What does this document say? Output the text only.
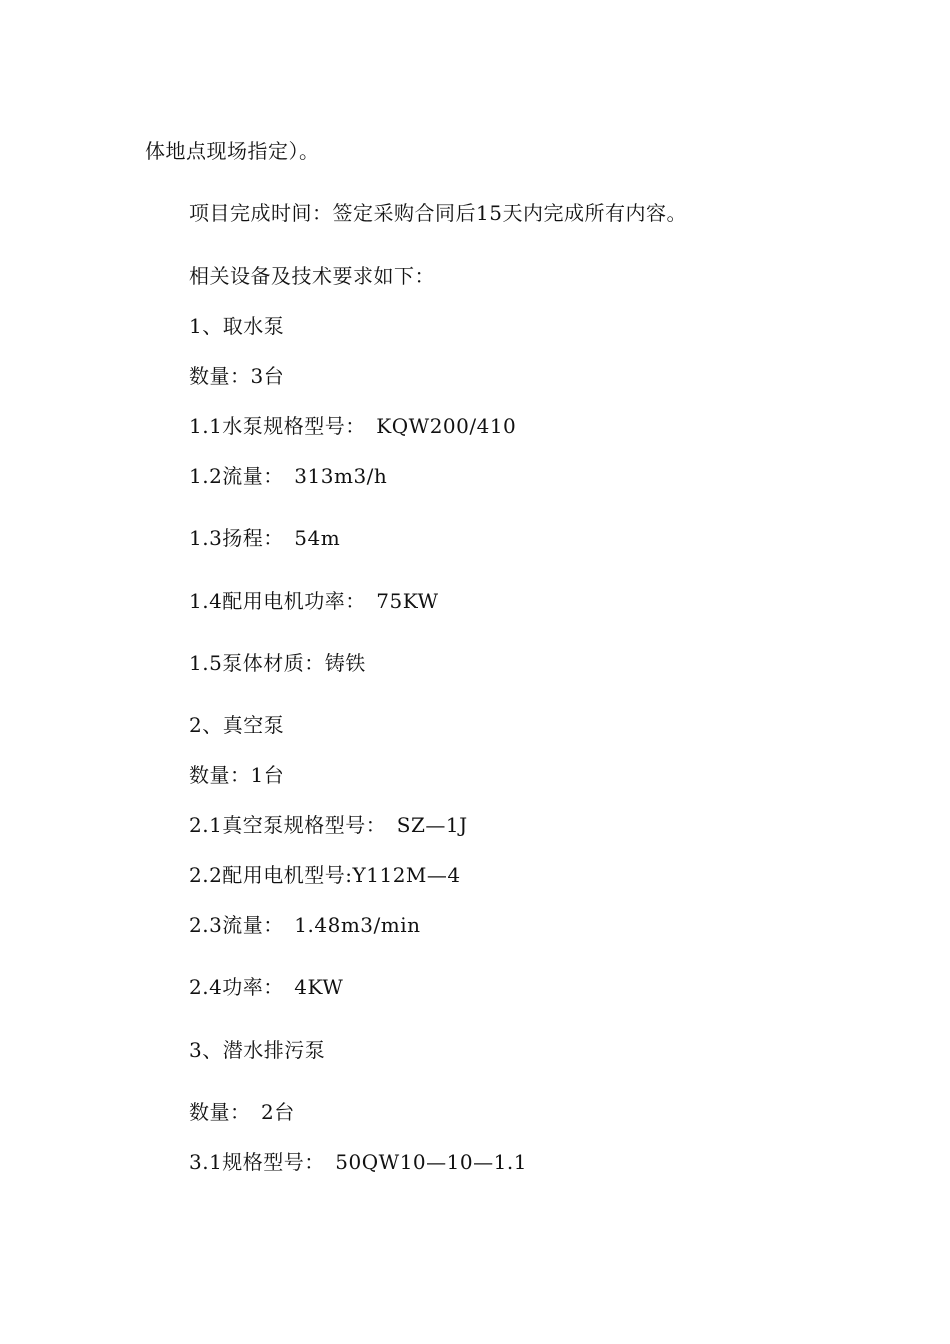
体地点现场指定）。
项目完成时间：签定采购合同后15天内完成所有内容。
相关设备及技术要求如下：
1、取水泵
数量：3台
1.1水泵规格型号：　KQW200/410
1.2流量：　313m3/h
1.3扬程：　54m
1.4配用电机功率：　75KW
1.5泵体材质：铸铁
2、真空泵
数量：1台
2.1真空泵规格型号：　SZ—1J
2.2配用电机型号:Y112M—4
2.3流量：　1.48m3/min
2.4功率：　4KW
3、潜水排污泵
数量：　2台
3.1规格型号：　50QW10—10—1.1
